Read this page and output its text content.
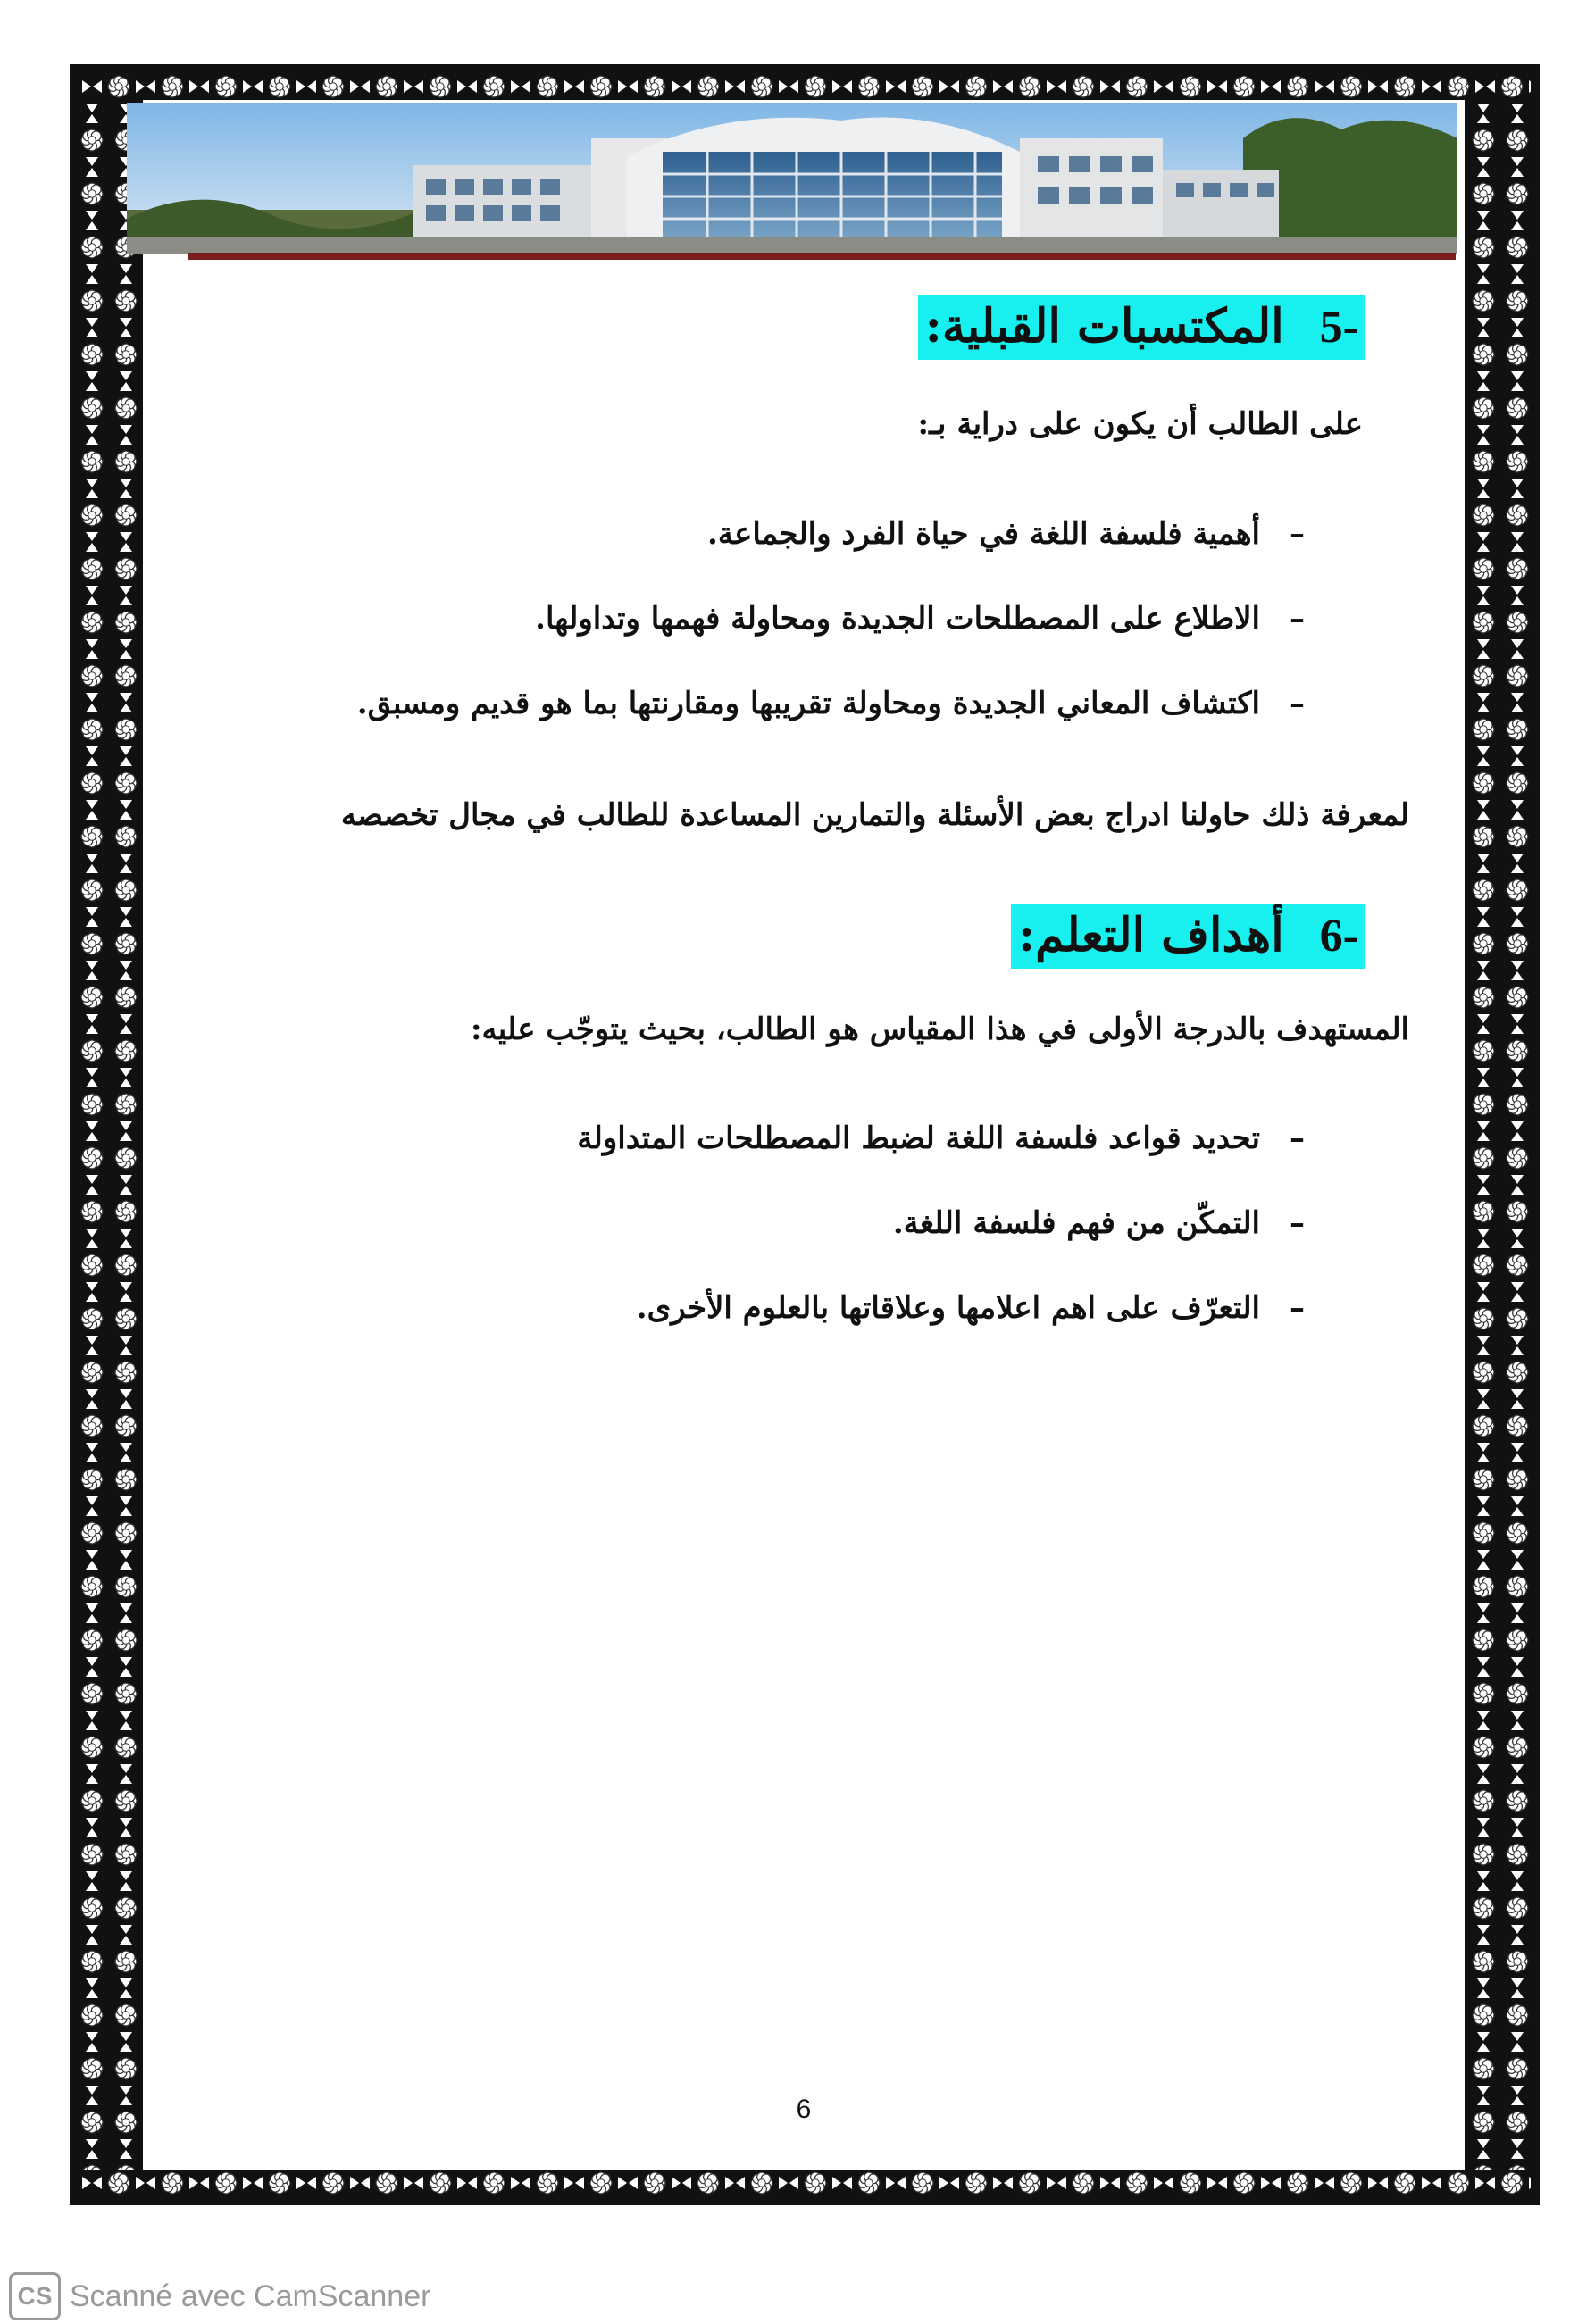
-5المكتسبات القبلية:
على الطالب أن يكون على دراية بـ:
–أهمية فلسفة اللغة في حياة الفرد والجماعة.
–الاطلاع على المصطلحات الجديدة ومحاولة فهمها وتداولها.
–اكتشاف المعاني الجديدة ومحاولة تقريبها ومقارنتها بما هو قديم ومسبق.
لمعرفة ذلك حاولنا ادراج بعض الأسئلة والتمارين المساعدة للطالب في مجال تخصصه
-6أهداف التعلم:
المستهدف بالدرجة الأولى في هذا المقياس هو الطالب، بحيث يتوجّب عليه:
–تحديد قواعد فلسفة اللغة لضبط المصطلحات المتداولة
–التمكّن من فهم فلسفة اللغة.
–التعرّف على اهم اعلامها وعلاقاتها بالعلوم الأخرى.
6
CS Scanné avec CamScanner
